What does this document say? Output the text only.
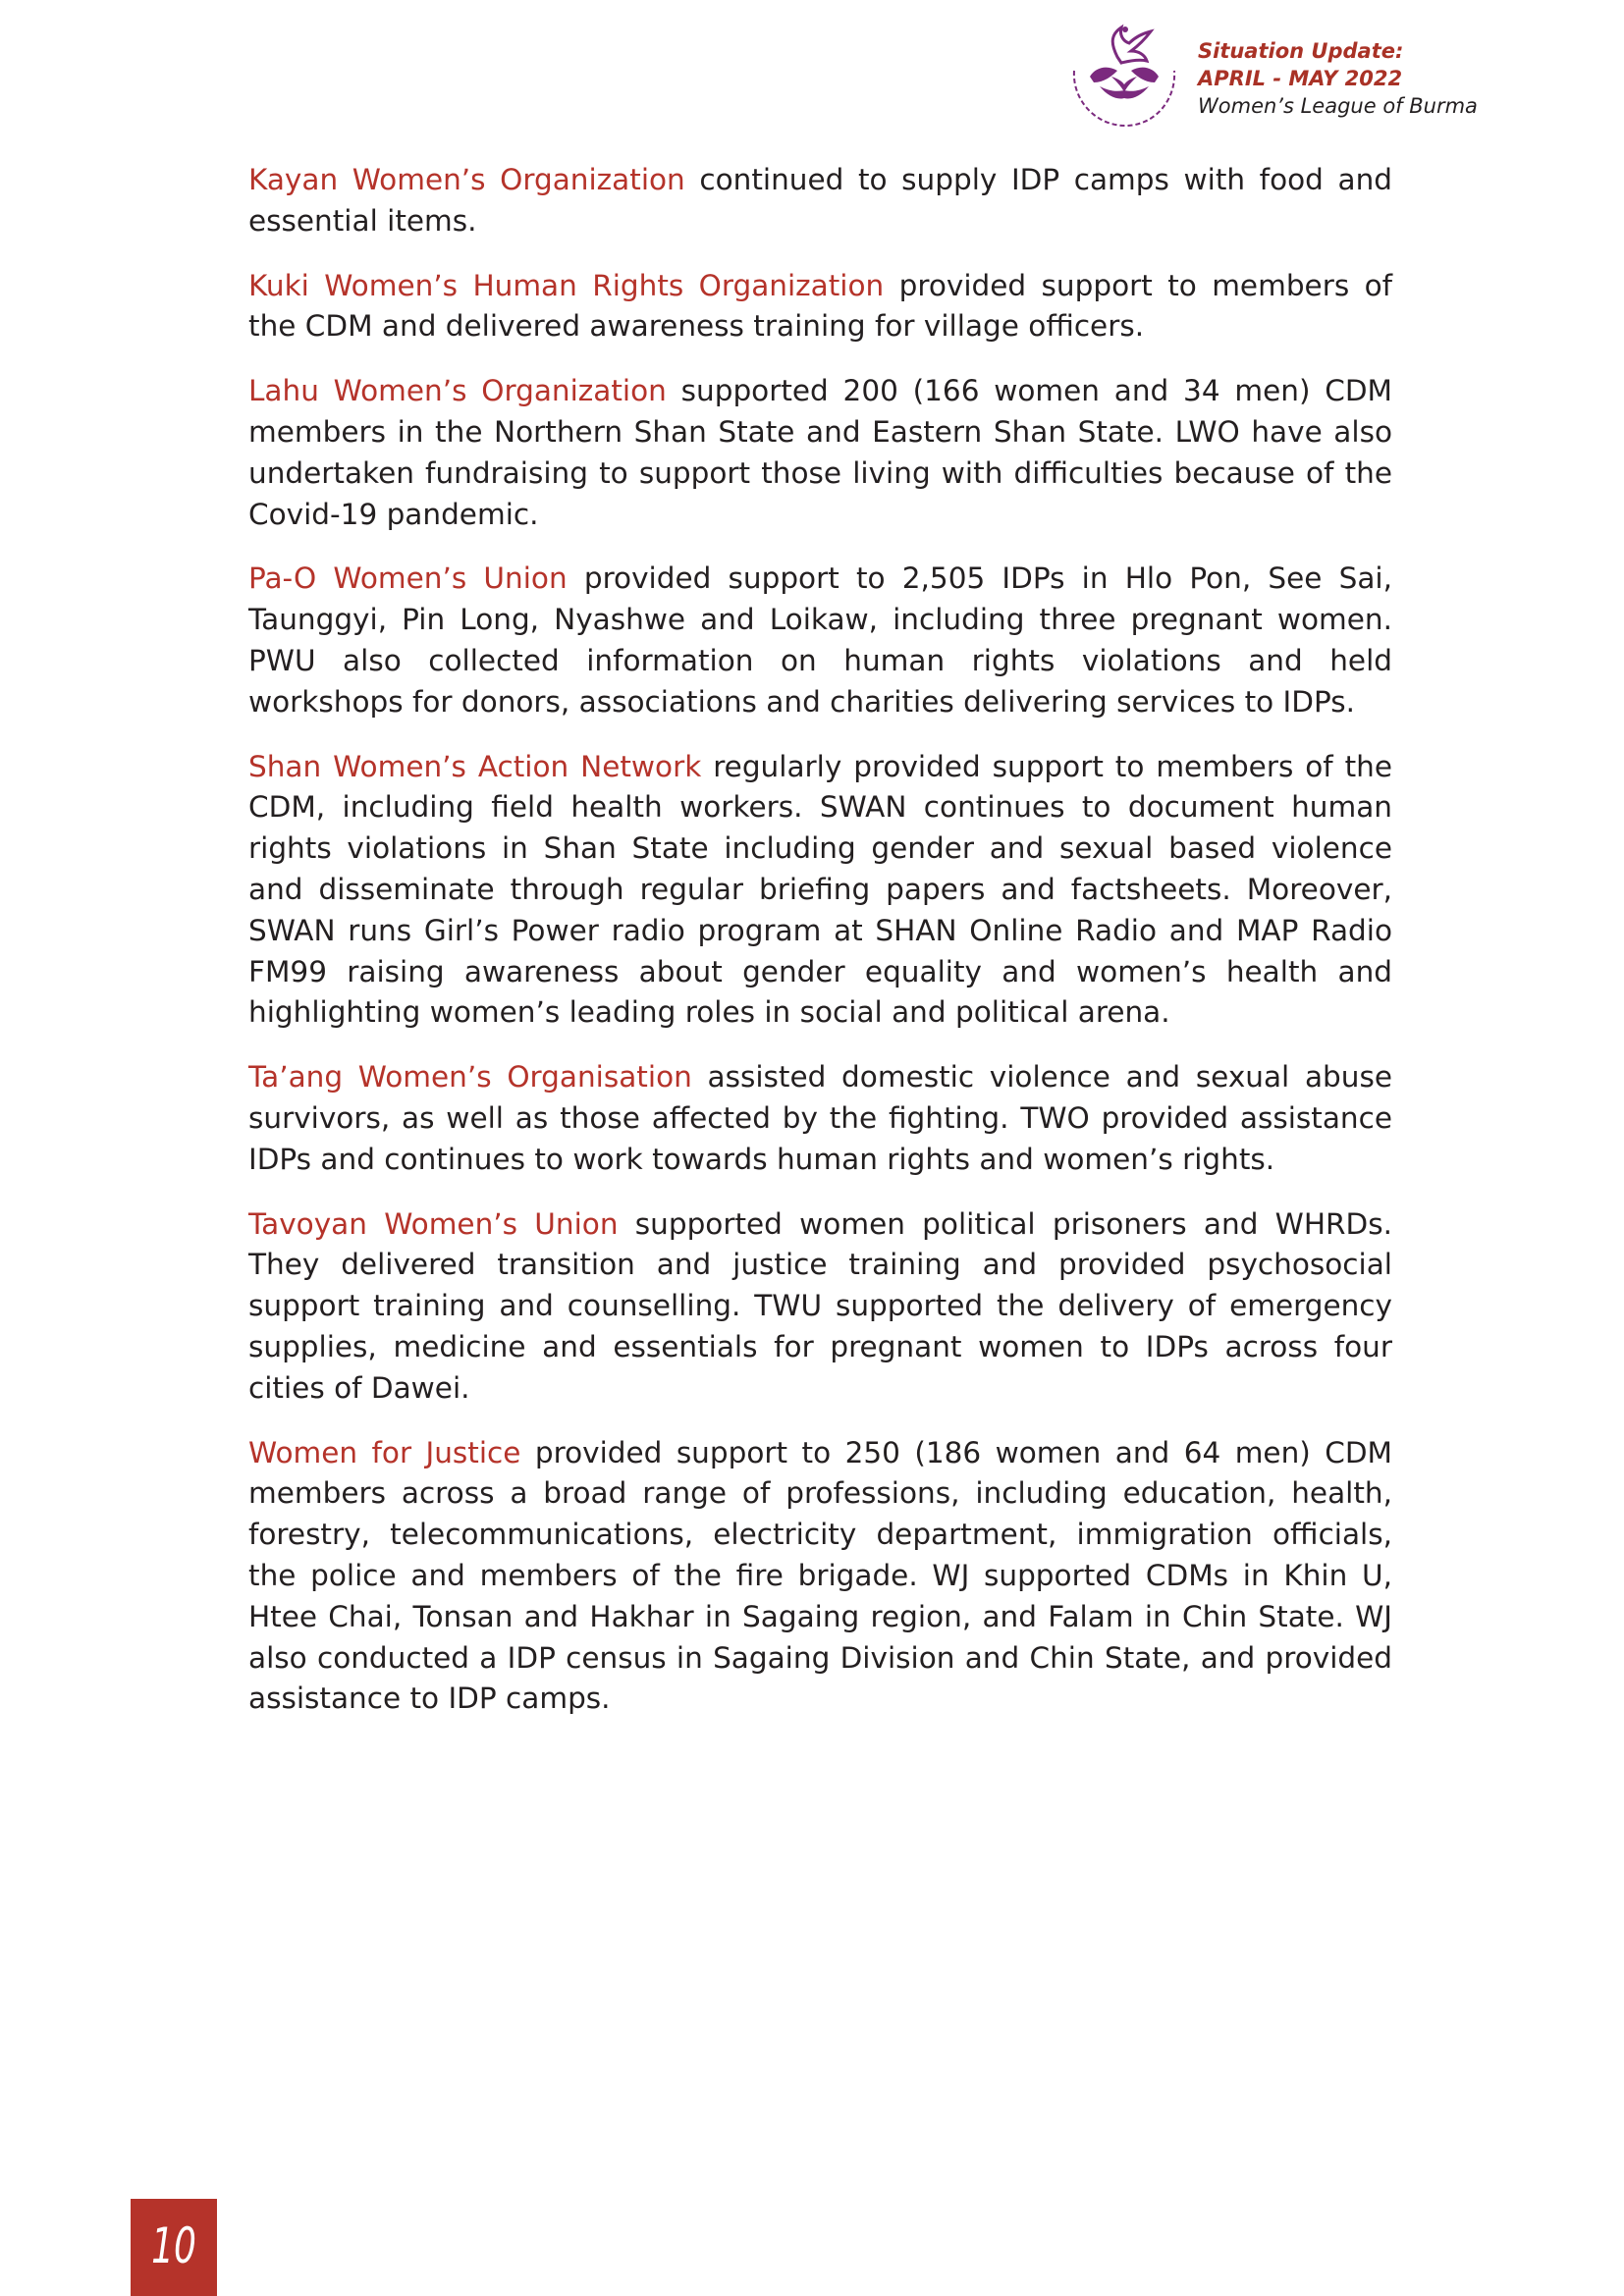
Situation Update:
APRIL - MAY 2022
Women’s League of Burma

Kayan Women’s Organization continued to supply IDP camps with food and essential items.

Kuki Women’s Human Rights Organization provided support to members of the CDM and delivered awareness training for village officers.

Lahu Women’s Organization supported 200 (166 women and 34 men) CDM members in the Northern Shan State and Eastern Shan State. LWO have also undertaken fundraising to support those living with difficulties because of the Covid-19 pandemic.

Pa-O Women’s Union provided support to 2,505 IDPs in Hlo Pon, See Sai, Taunggyi, Pin Long, Nyashwe and Loikaw, including three pregnant women. PWU also collected information on human rights violations and held workshops for donors, associations and charities delivering services to IDPs.

Shan Women’s Action Network regularly provided support to members of the CDM, including field health workers. SWAN continues to document human rights violations in Shan State including gender and sexual based violence and disseminate through regular briefing papers and factsheets. Moreover, SWAN runs Girl’s Power radio program at SHAN Online Radio and MAP Radio FM99 raising awareness about gender equality and women’s health and highlighting women’s leading roles in social and political arena.

Ta’ang Women’s Organisation assisted domestic violence and sexual abuse survivors, as well as those affected by the fighting. TWO provided assistance IDPs and continues to work towards human rights and women’s rights.

Tavoyan Women’s Union supported women political prisoners and WHRDs. They delivered transition and justice training and provided psychosocial support training and counselling. TWU supported the delivery of emergency supplies, medicine and essentials for pregnant women to IDPs across four cities of Dawei.

Women for Justice provided support to 250 (186 women and 64 men) CDM members across a broad range of professions, including education, health, forestry, telecommunications, electricity department, immigration officials, the police and members of the fire brigade. WJ supported CDMs in Khin U, Htee Chai, Tonsan and Hakhar in Sagaing region, and Falam in Chin State. WJ also conducted a IDP census in Sagaing Division and Chin State, and provided assistance to IDP camps.

10
